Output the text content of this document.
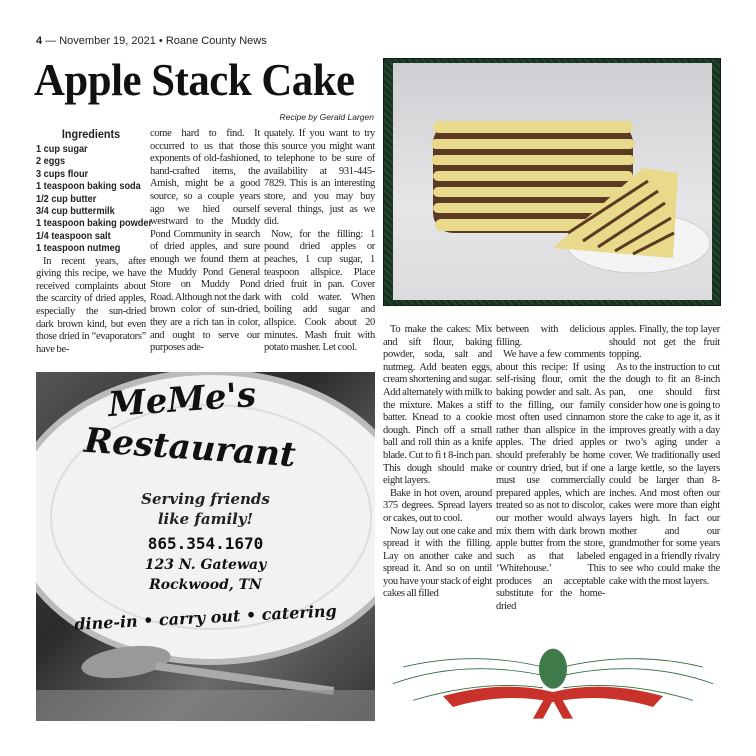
4 — November 19, 2021 • Roane County News
Apple Stack Cake
Recipe by Gerald Largen
Ingredients
1 cup sugar
2 eggs
3 cups flour
1 teaspoon baking soda
1/2 cup butter
3/4 cup buttermilk
1 teaspoon baking powder
1/4 teaspoon salt
1 teaspoon nutmeg

In recent years, after giving this recipe, we have received complaints about the scarcity of dried apples, especially the sun-dried dark brown kind, but even those dried in “evaporators” have be-

come hard to find. It occurred to us that those exponents of old-fashioned, hand-crafted items, the Amish, might be a good source, so a couple years ago we hied ourself westward to the Muddy Pond Community in search of dried apples, and sure enough we found them at the Muddy Pond General Store on Muddy Pond Road. Although not the dark brown color of sun-dried, they are a rich tan in color, and ought to serve our purposes ade-

quately. If you want to try this source you might want to telephone to be sure of availability at 931-445-7829. This is an interesting store, and you may buy several things, just as we did.

Now, for the filling: 1 pound dried apples or peaches, 1 cup sugar, 1 teaspoon allspice. Place dried fruit in pan. Cover with cold water. When boiling add sugar and allspice. Cook about 20 minutes. Mash fruit with potato masher. Let cool.

To make the cakes: Mix and sift flour, baking powder, soda, salt and nutmeg. Add beaten eggs, cream shortening and sugar. Add alternately with milk to the mixture. Makes a stiff batter. Knead to a cookie dough. Pinch off a small ball and roll thin as a knife blade. Cut to fi t 8-inch pan. This dough should make eight layers.

Bake in hot oven, around 375 degrees. Spread layers or cakes, out to cool.

Now lay out one cake and spread it with the filling. Lay on another cake and spread it. And so on until you have your stack of eight cakes all filled

between with delicious filling.

We have a few comments about this recipe: If using self-rising flour, omit the baking powder and salt. As to the filling, our family most often used cinnamon rather than allspice in the apples. The dried apples should preferably be home or country dried, but if one must use commercially prepared apples, which are treated so as not to discolor, our mother would always mix them with dark brown apple butter from the store, such as that labeled ‘Whitehouse.’ This produces an acceptable substitute for the home-dried

apples. Finally, the top layer should not get the fruit topping.

As to the instruction to cut the dough to fit an 8-inch pan, one should first consider how one is going to store the cake to age it, as it improves greatly with a day or two’s aging under a cover. We traditionally used a large kettle, so the layers could be larger than 8-inches. And most often our cakes were more than eight layers high. In fact our mother and our grandmother for some years engaged in a friendly rivalry to see who could make the cake with the most layers.

MeMe's
Restaurant
Serving friends
like family!
865.354.1670
123 N. Gateway
Rockwood, TN
dine-in • carry out • catering
